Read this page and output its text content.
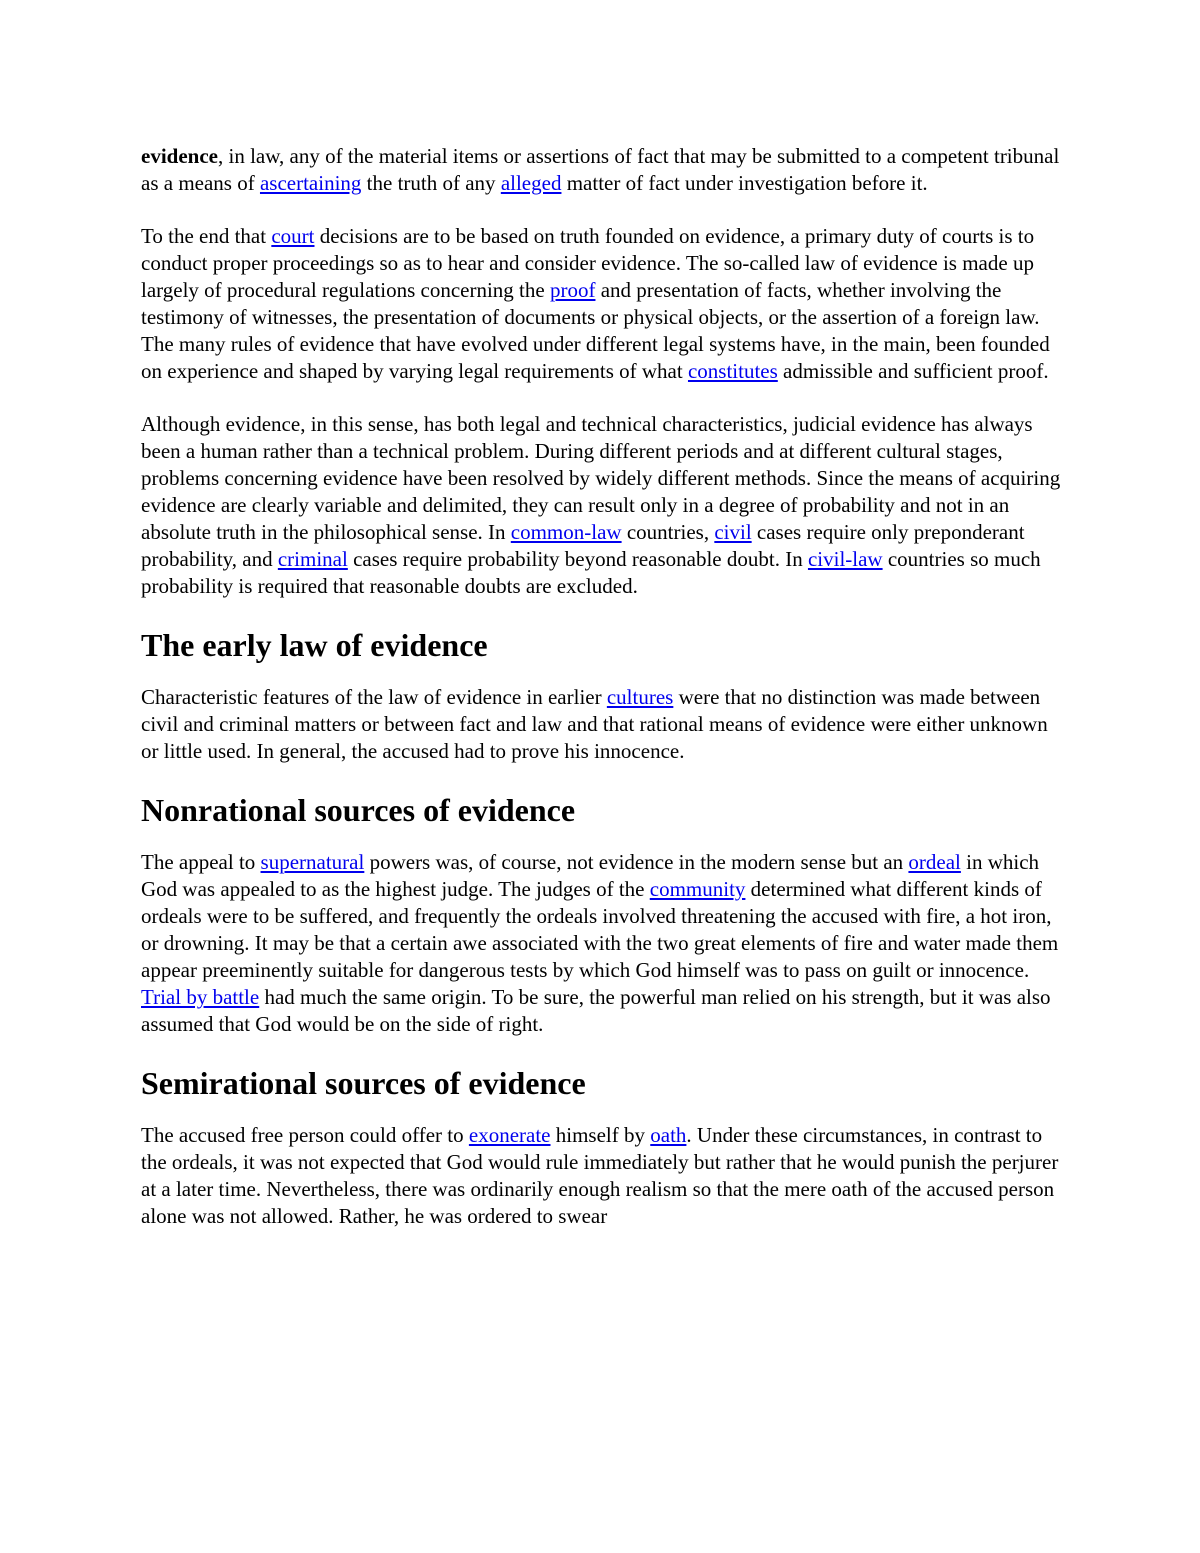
evidence, in law, any of the material items or assertions of fact that may be submitted to a competent tribunal as a means of ascertaining the truth of any alleged matter of fact under investigation before it.

To the end that court decisions are to be based on truth founded on evidence, a primary duty of courts is to conduct proper proceedings so as to hear and consider evidence. The so-called law of evidence is made up largely of procedural regulations concerning the proof and presentation of facts, whether involving the testimony of witnesses, the presentation of documents or physical objects, or the assertion of a foreign law. The many rules of evidence that have evolved under different legal systems have, in the main, been founded on experience and shaped by varying legal requirements of what constitutes admissible and sufficient proof.

Although evidence, in this sense, has both legal and technical characteristics, judicial evidence has always been a human rather than a technical problem. During different periods and at different cultural stages, problems concerning evidence have been resolved by widely different methods. Since the means of acquiring evidence are clearly variable and delimited, they can result only in a degree of probability and not in an absolute truth in the philosophical sense. In common-law countries, civil cases require only preponderant probability, and criminal cases require probability beyond reasonable doubt. In civil-law countries so much probability is required that reasonable doubts are excluded.

The early law of evidence

Characteristic features of the law of evidence in earlier cultures were that no distinction was made between civil and criminal matters or between fact and law and that rational means of evidence were either unknown or little used. In general, the accused had to prove his innocence.

Nonrational sources of evidence

The appeal to supernatural powers was, of course, not evidence in the modern sense but an ordeal in which God was appealed to as the highest judge. The judges of the community determined what different kinds of ordeals were to be suffered, and frequently the ordeals involved threatening the accused with fire, a hot iron, or drowning. It may be that a certain awe associated with the two great elements of fire and water made them appear preeminently suitable for dangerous tests by which God himself was to pass on guilt or innocence. Trial by battle had much the same origin. To be sure, the powerful man relied on his strength, but it was also assumed that God would be on the side of right.

Semirational sources of evidence

The accused free person could offer to exonerate himself by oath. Under these circumstances, in contrast to the ordeals, it was not expected that God would rule immediately but rather that he would punish the perjurer at a later time. Nevertheless, there was ordinarily enough realism so that the mere oath of the accused person alone was not allowed. Rather, he was ordered to swear
